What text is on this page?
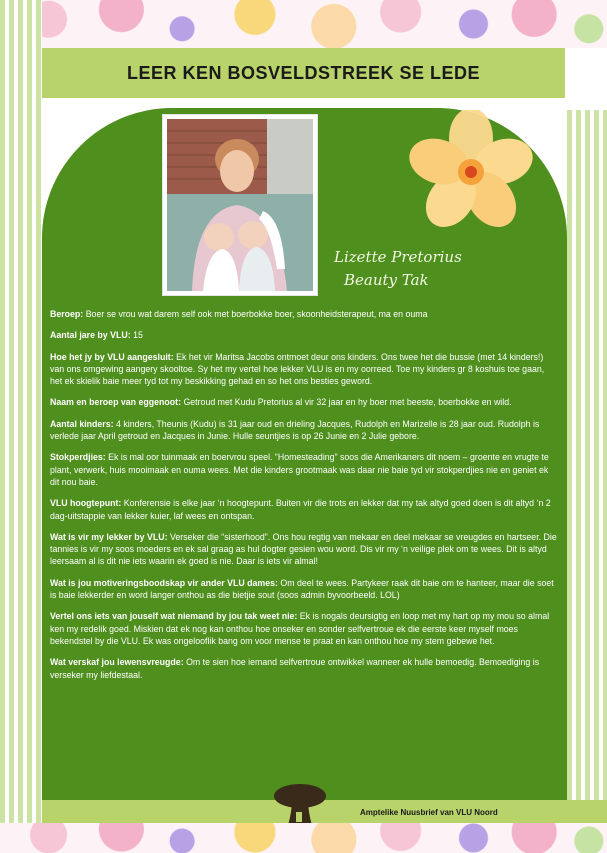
LEER KEN BOSVELDSTREEK SE LEDE
Lizette Pretorius
Beauty Tak

Beroep: Boer se vrou wat darem self ook met boerbokke boer, skoonheidsterapeut, ma en ouma

Aantal jare by VLU: 15

Hoe het jy by VLU aangesluit: Ek het vir Maritsa Jacobs ontmoet deur ons kinders. Ons twee het die bussie (met 14 kinders!) van ons omgewing aangery skooltoe. Sy het my vertel hoe lekker VLU is en my oorreed. Toe my kinders gr 8 koshuis toe gaan, het ek skielik baie meer tyd tot my beskikking gehad en so het ons besties geword.

Naam en beroep van eggenoot: Getroud met Kudu Pretorius al vir 32 jaar en hy boer met beeste, boerbokke en wild.

Aantal kinders: 4 kinders, Theunis (Kudu) is 31 jaar oud en drieling Jacques, Rudolph en Marizelle is 28 jaar oud. Rudolph is verlede jaar April getroud en Jacques in Junie. Hulle seuntjies is op 26 Junie en 2 Julie gebore.

Stokperdjies: Ek is mal oor tuinmaak en boervrou speel. “Homesteading” soos die Amerikaners dit noem – groente en vrugte te plant, verwerk, huis mooimaak en ouma wees. Met die kinders grootmaak was daar nie baie tyd vir stokperdjies nie en geniet ek dit nou baie.

VLU hoogtepunt: Konferensie is elke jaar ‘n hoogtepunt. Buiten vir die trots en lekker dat my tak altyd goed doen is dit altyd ‘n 2 dag-uitstappie van lekker kuier, laf wees en ontspan.

Wat is vir my lekker by VLU: Verseker die “sisterhood”. Ons hou regtig van mekaar en deel mekaar se vreugdes en hartseer. Die tannies is vir my soos moeders en ek sal graag as hul dogter gesien wou word. Dis vir my ‘n veilige plek om te wees. Dit is altyd leersaam al is dit nie iets waarin ek goed is nie. Daar is iets vir almal!

Wat is jou motiveringsboodskap vir ander VLU dames: Om deel te wees. Partykeer raak dit baie om te hanteer, maar die soet is baie lekkerder en word langer onthou as die bietjie sout (soos admin byvoorbeeld. LOL)

Vertel ons iets van jouself wat niemand by jou tak weet nie: Ek is nogals deursigtig en loop met my hart op my mou so almal ken my redelik goed. Miskien dat ek nog kan onthou hoe onseker en sonder selfvertroue ek die eerste keer myself moes bekendstel by die VLU. Ek was ongelooflik bang om voor mense te praat en kan onthou hoe my stem gebewe het.

Wat verskaf jou lewensvreugde: Om te sien hoe iemand selfvertroue ontwikkel wanneer ek hulle bemoedig. Bemoediging is verseker my liefdestaal.

Amptelike Nuusbrief van VLU Noord
